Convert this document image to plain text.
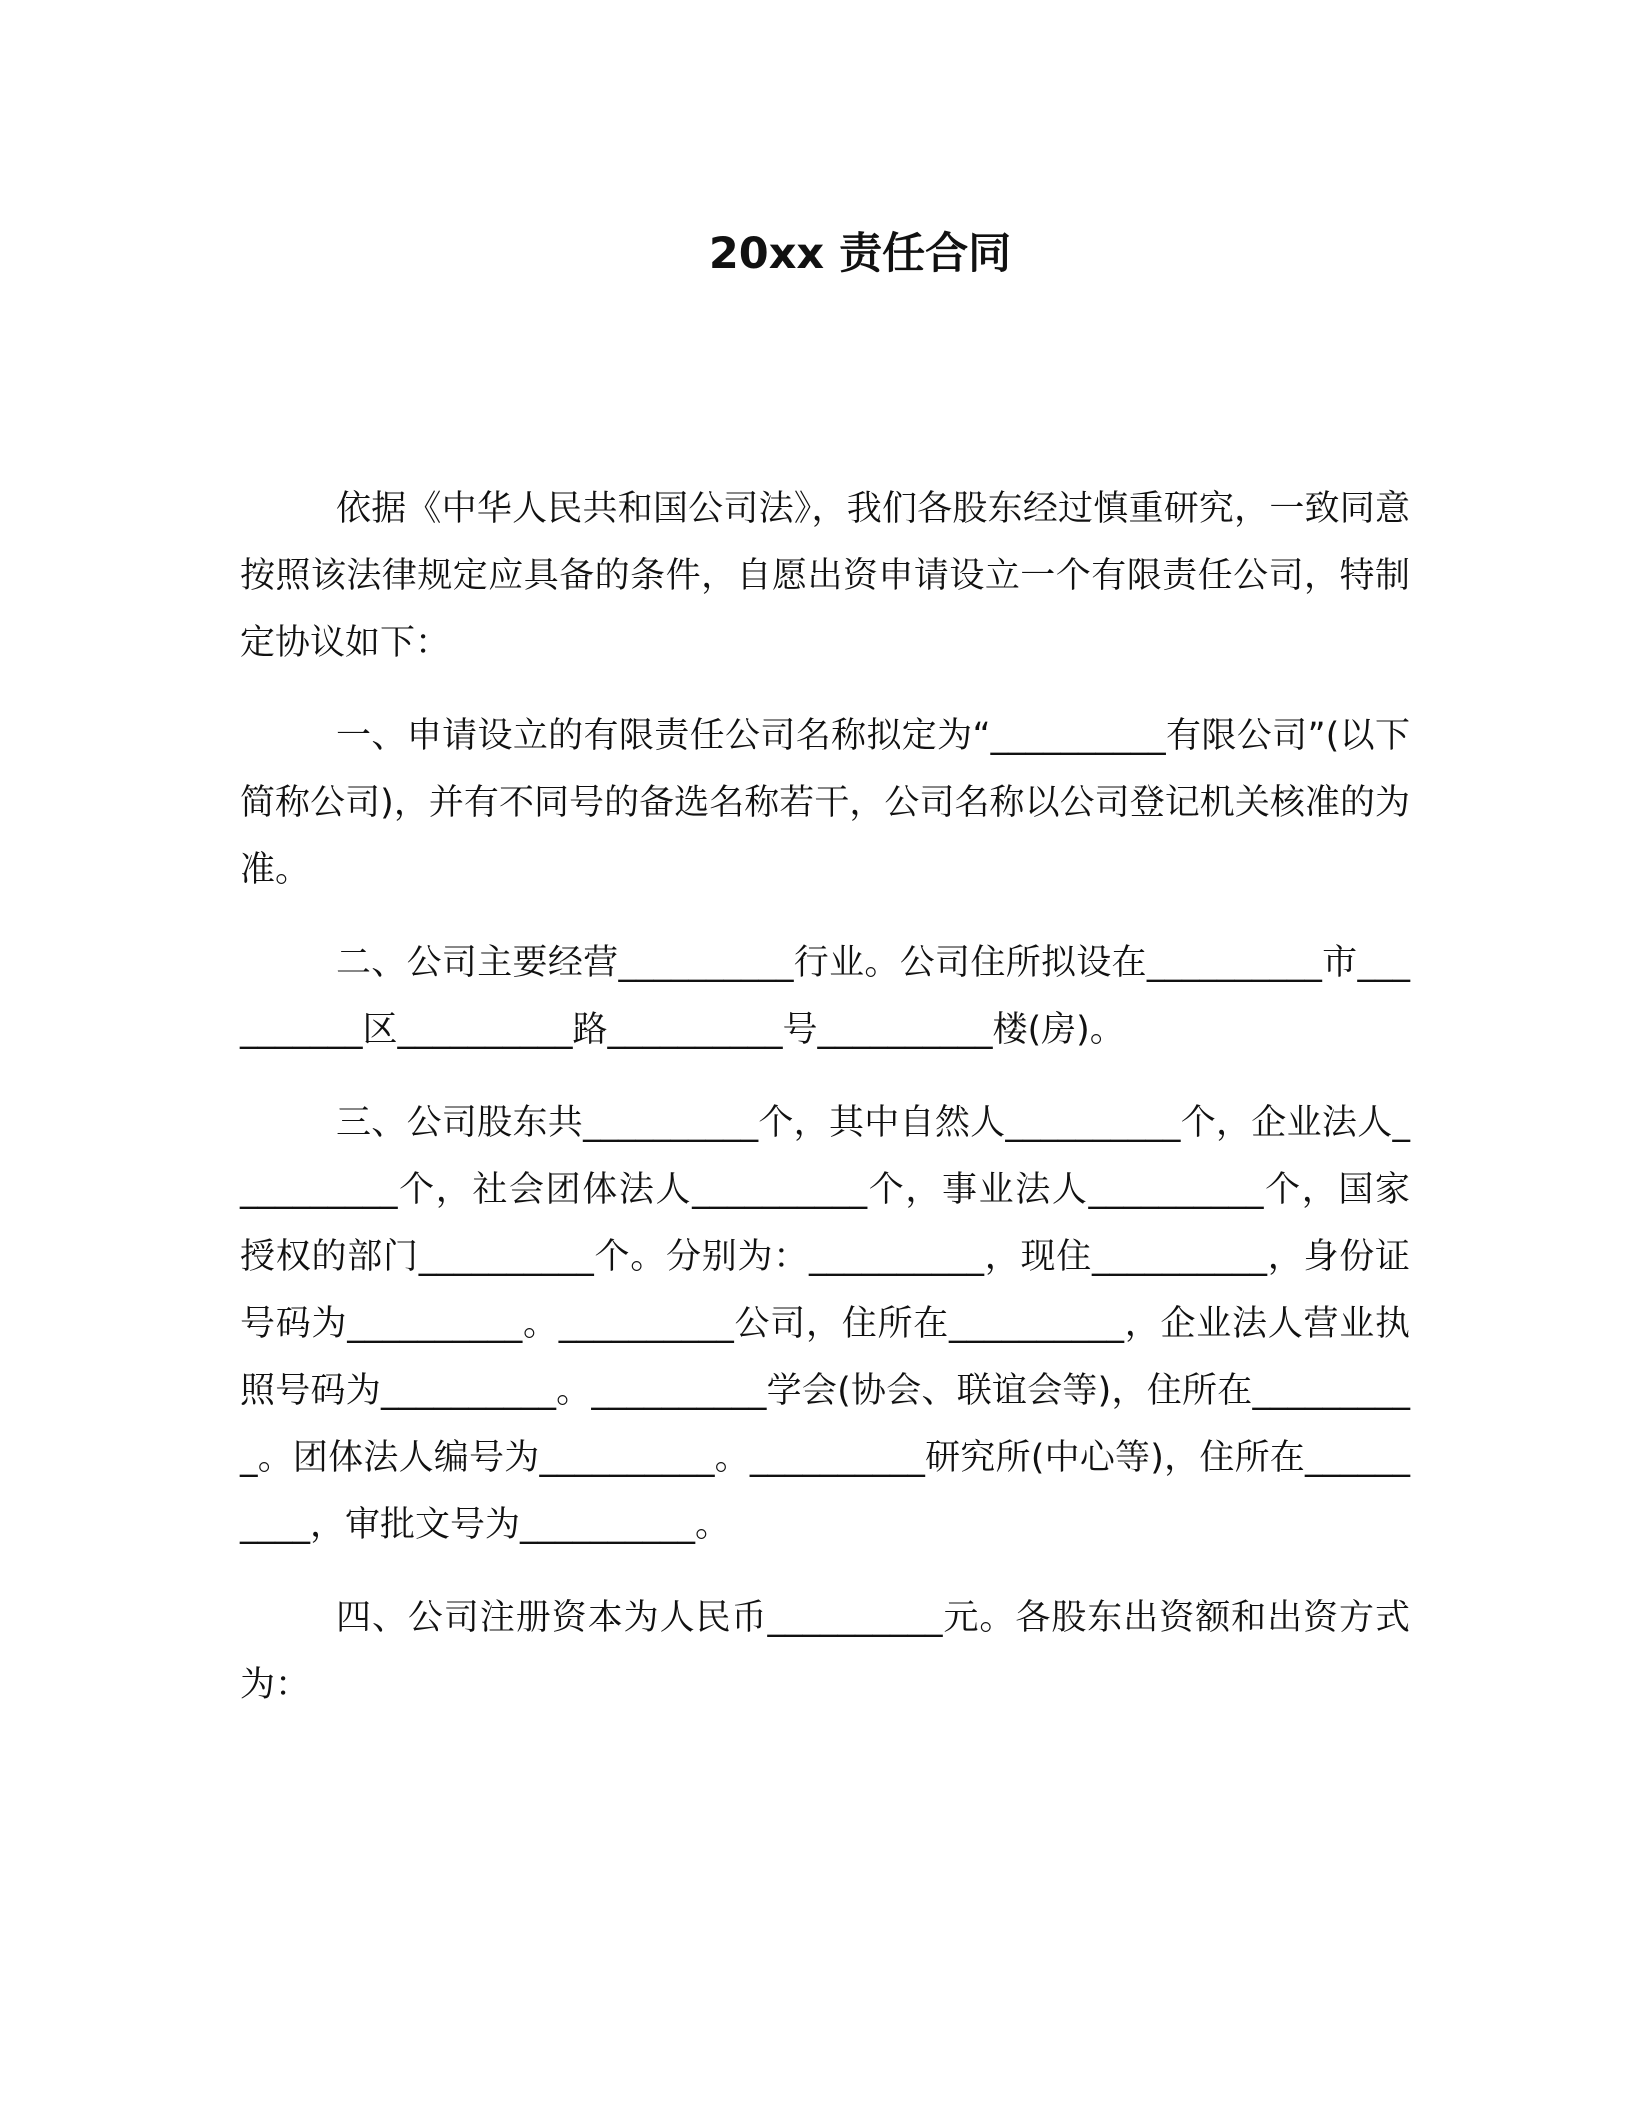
20xx 责任合同

依据《中华人民共和国公司法》，我们各股东经过慎重研究，一致同意按照该法律规定应具备的条件，自愿出资申请设立一个有限责任公司，特制定协议如下：

一、申请设立的有限责任公司名称拟定为“__________有限公司”(以下简称公司)，并有不同号的备选名称若干，公司名称以公司登记机关核准的为准。

二、公司主要经营__________行业。公司住所拟设在__________市__________区__________路__________号__________楼(房)。

三、公司股东共__________个，其中自然人__________个，企业法人__________个，社会团体法人__________个，事业法人__________个，国家授权的部门__________个。分别为：__________，现住__________，身份证号码为__________。__________公司，住所在__________，企业法人营业执照号码为__________。__________学会(协会、联谊会等)，住所在__________。团体法人编号为__________。__________研究所(中心等)，住所在__________，审批文号为__________。

四、公司注册资本为人民币__________元。各股东出资额和出资方式为：
